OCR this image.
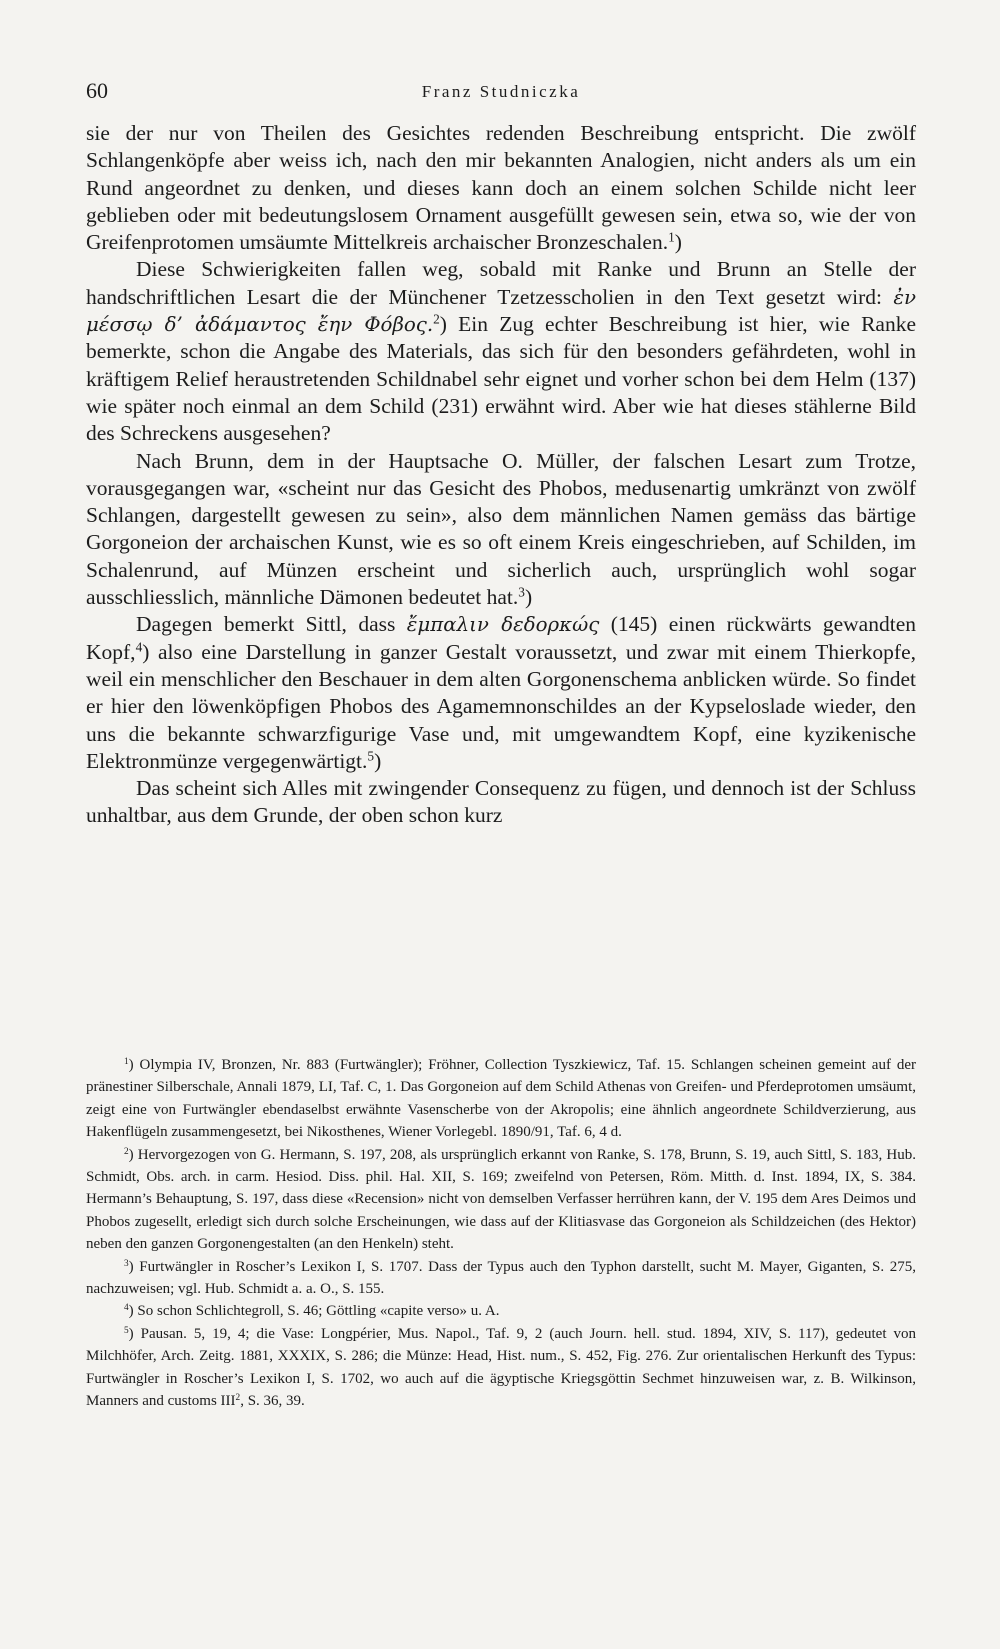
60	Franz Studniczka

sie der nur von Theilen des Gesichtes redenden Beschreibung entspricht. Die zwölf Schlangenköpfe aber weiss ich, nach den mir bekannten Analogien, nicht anders als um ein Rund angeordnet zu denken, und dieses kann doch an einem solchen Schilde nicht leer geblieben oder mit bedeutungslosem Ornament ausgefüllt gewesen sein, etwa so, wie der von Greifenprotomen umsäumte Mittelkreis archaischer Bronzeschalen.$^1$)

Diese Schwierigkeiten fallen weg, sobald mit Ranke und Brunn an Stelle der handschriftlichen Lesart die der Münchener Tzetzesscholien in den Text gesetzt wird: ἐν μέσσῳ δ’ ἀδάμαντος ἔην Φόβος.$^2$) Ein Zug echter Beschreibung ist hier, wie Ranke bemerkte, schon die Angabe des Materials, das sich für den besonders gefährdeten, wohl in kräftigem Relief heraustretenden Schildnabel sehr eignet und vorher schon bei dem Helm (137) wie später noch einmal an dem Schild (231) erwähnt wird. Aber wie hat dieses stählerne Bild des Schreckens ausgesehen?

Nach Brunn, dem in der Hauptsache O. Müller, der falschen Lesart zum Trotze, vorausgegangen war, «scheint nur das Gesicht des Phobos, medusenartig umkränzt von zwölf Schlangen, dargestellt gewesen zu sein», also dem männlichen Namen gemäss das bärtige Gorgoneion der archaischen Kunst, wie es so oft einem Kreis eingeschrieben, auf Schilden, im Schalenrund, auf Münzen erscheint und sicherlich auch, ursprünglich wohl sogar ausschliesslich, männliche Dämonen bedeutet hat.$^3$)

Dagegen bemerkt Sittl, dass ἔμπαλιν δεδορκώς (145) einen rückwärts gewandten Kopf,$^4$) also eine Darstellung in ganzer Gestalt voraussetzt, und zwar mit einem Thierkopfe, weil ein menschlicher den Beschauer in dem alten Gorgonenschema anblicken würde. So findet er hier den löwenköpfigen Phobos des Agamemnonschildes an der Kypseloslade wieder, den uns die bekannte schwarzfigurige Vase und, mit umgewandtem Kopf, eine kyzikenische Elektronmünze vergegenwärtigt.$^5$)

Das scheint sich Alles mit zwingender Consequenz zu fügen, und dennoch ist der Schluss unhaltbar, aus dem Grunde, der oben schon kurz

$^1$) Olympia IV, Bronzen, Nr. 883 (Furtwängler); Fröhner, Collection Tyszkiewicz, Taf. 15. Schlangen scheinen gemeint auf der pränestiner Silberschale, Annali 1879, LI, Taf. C, 1. Das Gorgoneion auf dem Schild Athenas von Greifen- und Pferdeprotomen umsäumt, zeigt eine von Furtwängler ebendaselbst erwähnte Vasenscherbe von der Akropolis; eine ähnlich angeordnete Schildverzierung, aus Hakenflügeln zusammengesetzt, bei Nikosthenes, Wiener Vorlegebl. 1890/91, Taf. 6, 4 d.

$^2$) Hervorgezogen von G. Hermann, S. 197, 208, als ursprünglich erkannt von Ranke, S. 178, Brunn, S. 19, auch Sittl, S. 183, Hub. Schmidt, Obs. arch. in carm. Hesiod. Diss. phil. Hal. XII, S. 169; zweifelnd von Petersen, Röm. Mitth. d. Inst. 1894, IX, S. 384. Hermann’s Behauptung, S. 197, dass diese «Recension» nicht von demselben Verfasser herrühren kann, der V. 195 dem Ares Deimos und Phobos zugesellt, erledigt sich durch solche Erscheinungen, wie dass auf der Klitiasvase das Gorgoneion als Schildzeichen (des Hektor) neben den ganzen Gorgonengestalten (an den Henkeln) steht.

$^3$) Furtwängler in Roscher’s Lexikon I, S. 1707. Dass der Typus auch den Typhon darstellt, sucht M. Mayer, Giganten, S. 275, nachzuweisen; vgl. Hub. Schmidt a. a. O., S. 155.

$^4$) So schon Schlichtegroll, S. 46; Göttling «capite verso» u. A.

$^5$) Pausan. 5, 19, 4; die Vase: Longpérier, Mus. Napol., Taf. 9, 2 (auch Journ. hell. stud. 1894, XIV, S. 117), gedeutet von Milchhöfer, Arch. Zeitg. 1881, XXXIX, S. 286; die Münze: Head, Hist. num., S. 452, Fig. 276. Zur orientalischen Herkunft des Typus: Furtwängler in Roscher’s Lexikon I, S. 1702, wo auch auf die ägyptische Kriegsgöttin Sechmet hinzuweisen war, z. B. Wilkinson, Manners and customs III$^2$, S. 36, 39.
